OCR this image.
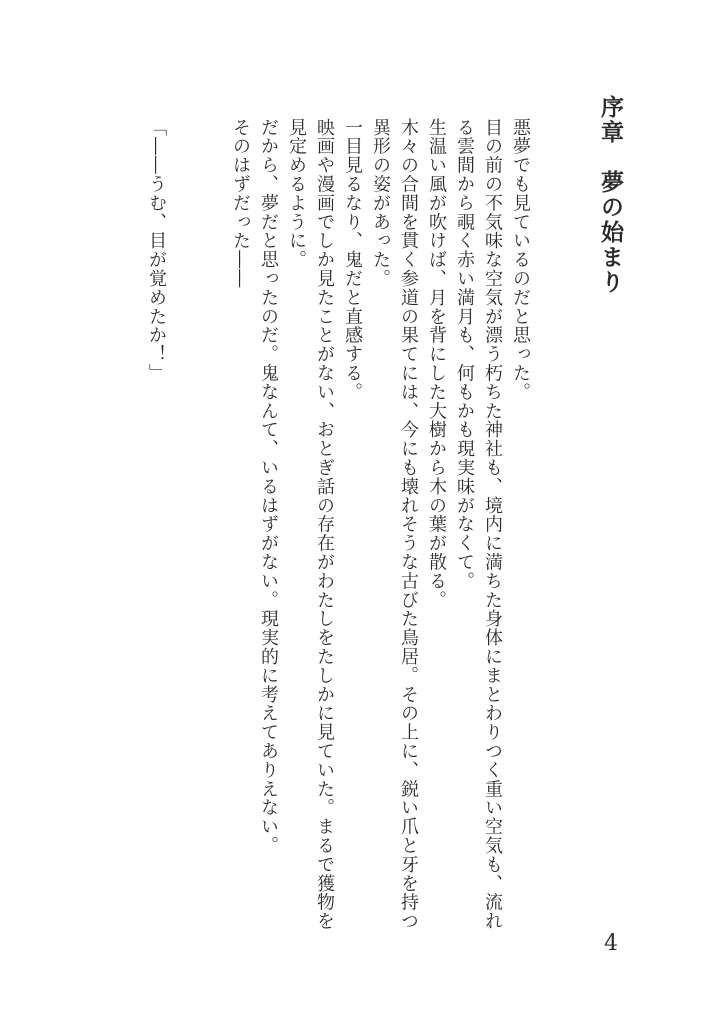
序章　夢の始まり

悪夢でも見ているのだと思った。

目の前の不気味な空気が漂う朽ちた神社も、境内に満ちた身体にまとわりつく重い空気も、流れ

る雲間から覗く赤い満月も、何もかも現実味がなくて。

生温い風が吹けば、月を背にした大樹から木の葉が散る。

木々の合間を貫く参道の果てには、今にも壊れそうな古びた鳥居。その上に、鋭い爪と牙を持つ

異形の姿があった。

一目見るなり、鬼だと直感する。

映画や漫画でしか見たことがない、おとぎ話の存在がわたしをたしかに見ていた。まるで獲物を

見定めるように。

だから、夢だと思ったのだ。鬼なんて、いるはずがない。現実的に考えてありえない。

そのはずだった――

「――うむ、目が覚めたか！」

4
